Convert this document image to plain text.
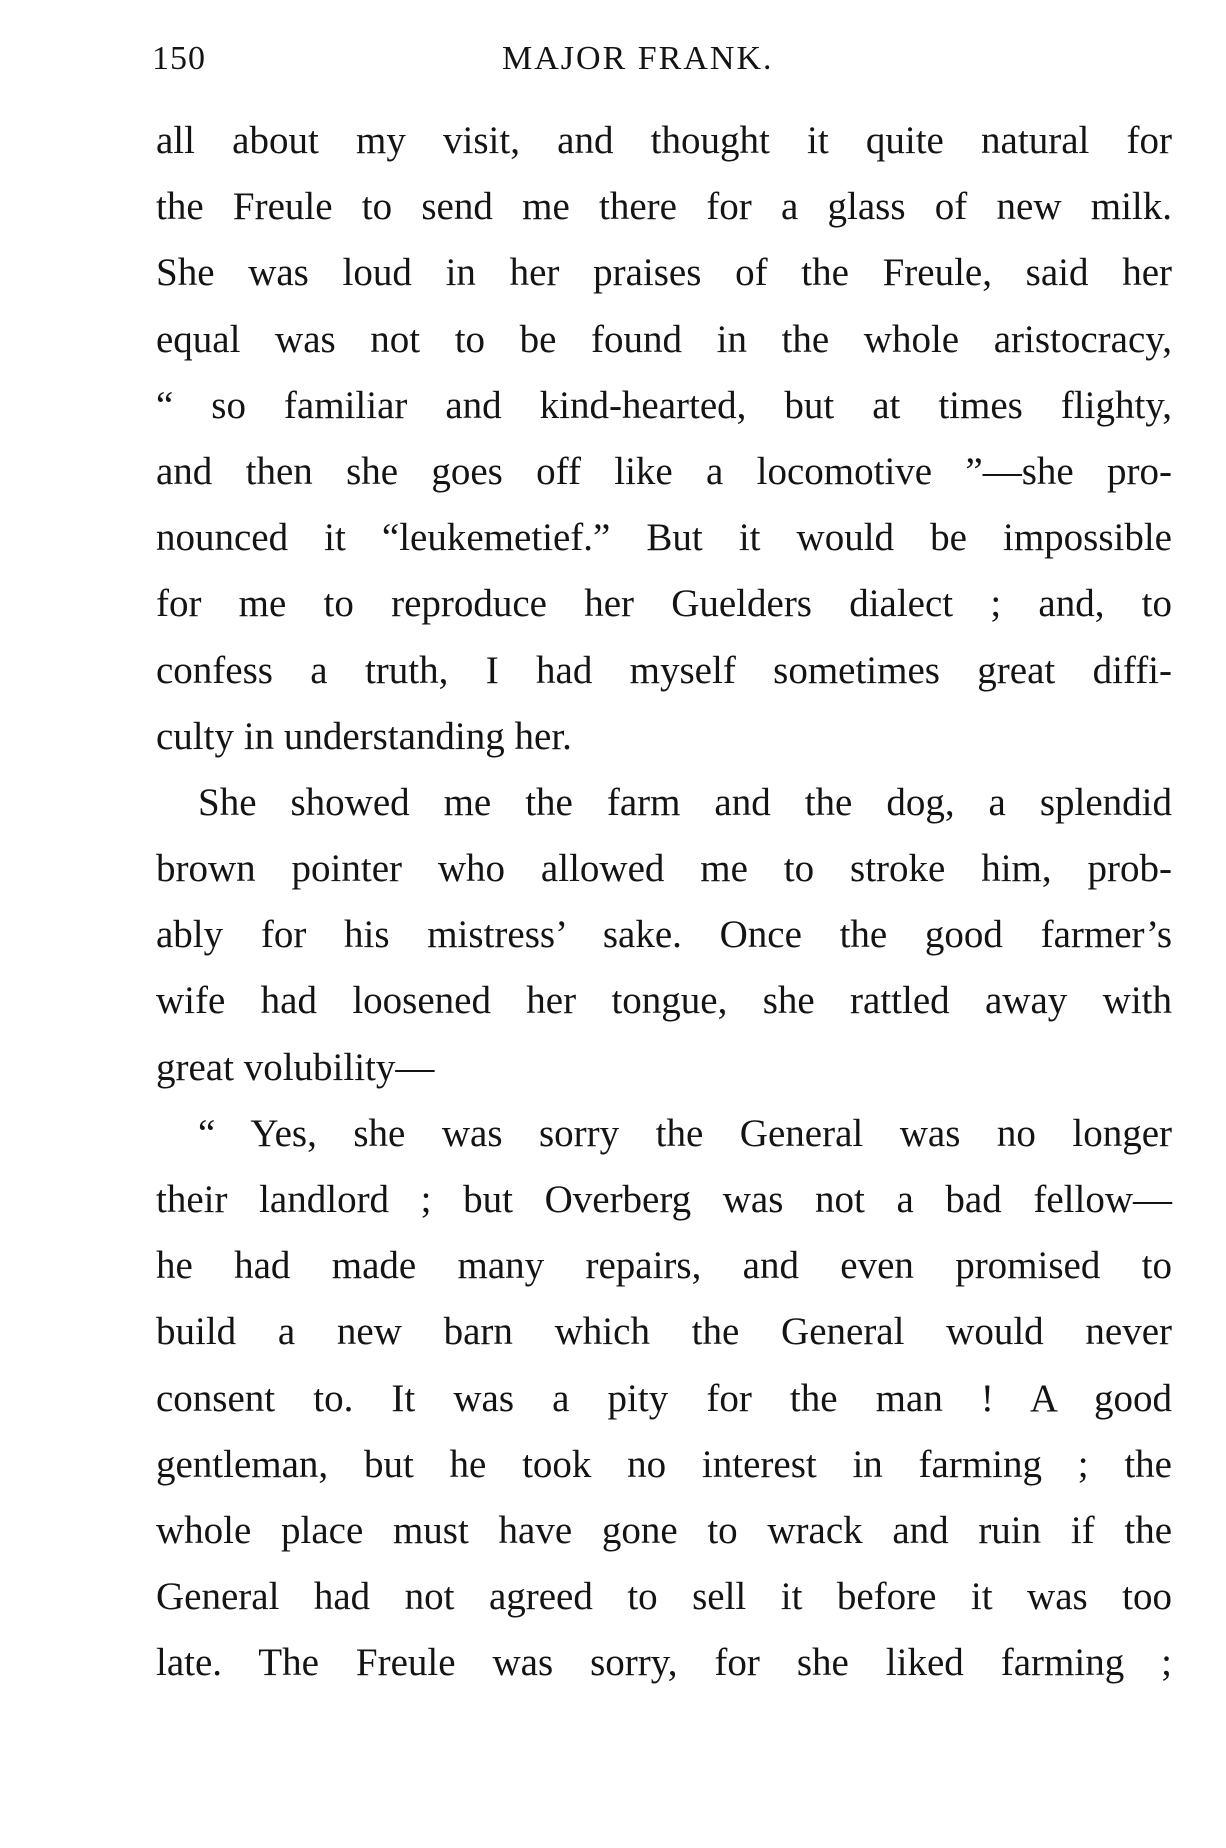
150	MAJOR FRANK.
all about my visit, and thought it quite natural for
the Freule to send me there for a glass of new milk.
She was loud in her praises of the Freule, said her
equal was not to be found in the whole aristocracy,
“ so familiar and kind-hearted, but at times flighty,
and then she goes off like a locomotive ”—she pro-
nounced it “leukemetief.” But it would be impossible
for me to reproduce her Guelders dialect ; and, to
confess a truth, I had myself sometimes great diffi-
culty in understanding her.
She showed me the farm and the dog, a splendid
brown pointer who allowed me to stroke him, prob-
ably for his mistress’ sake. Once the good farmer’s
wife had loosened her tongue, she rattled away with
great volubility—
“ Yes, she was sorry the General was no longer
their landlord ; but Overberg was not a bad fellow—
he had made many repairs, and even promised to
build a new barn which the General would never
consent to. It was a pity for the man ! A good
gentleman, but he took no interest in farming ; the
whole place must have gone to wrack and ruin if the
General had not agreed to sell it before it was too
late. The Freule was sorry, for she liked farming ;
